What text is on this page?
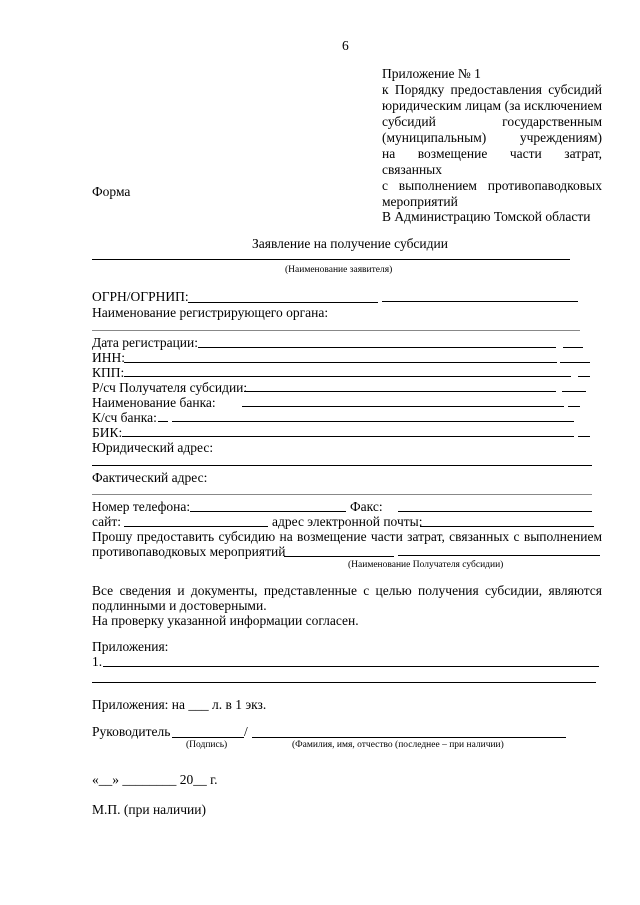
6
Приложение № 1
к Порядку предоставления субсидий
юридическим лицам (за исключением
субсидий государственным
(муниципальным) учреждениям)
на возмещение части затрат, связанных
с выполнением противопаводковых
мероприятий
Форма
В Администрацию Томской области
Заявление на получение субсидии
(Наименование заявителя)
ОГРН/ОГРНИП:
Наименование регистрирующего органа:
Дата регистрации:
ИНН:
КПП:
Р/сч Получателя субсидии:
Наименование банка:
К/сч банка:
БИК:
Юридический адрес:
Фактический адрес:
Номер телефона:	Факс:
сайт:	адрес электронной почты:
Прошу предоставить субсидию на возмещение части затрат, связанных с выполнением
противопаводковых мероприятий
(Наименование Получателя субсидии)
Все сведения и документы, представленные с целью получения субсидии, являются
подлинными и достоверными.
На проверку указанной информации согласен.
Приложения:
1.
Приложения: на ___ л. в 1 экз.
Руководитель	/
(Подпись)	(Фамилия, имя, отчество (последнее – при наличии)
«__» ________ 20__ г.
М.П. (при наличии)
